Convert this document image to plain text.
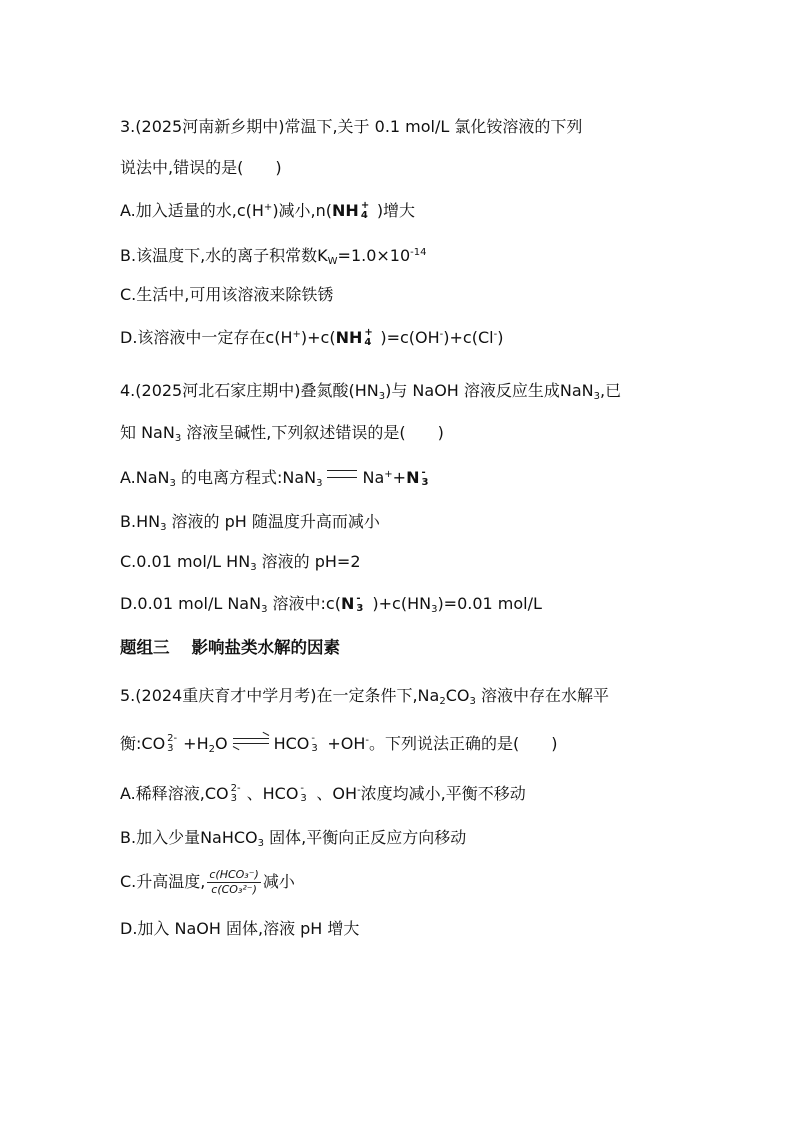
3.(2025河南新乡期中)常温下,关于 0.1 mol/L 氯化铵溶液的下列
说法中,错误的是(　　)
A.加入适量的水,c(H+)减小,n(NH +
4 )增大
B.该温度下,水的离子积常数$K_W=1.0\times 10^{-14}$
C.生活中,可用该溶液来除铁锈
D.该溶液中一定存在c(H+)+c(NH +
4 )=c(OH-)+c(Cl-)
4.(2025河北石家庄期中)叠氮酸$(HN_3)$与 NaOH 溶液反应生成NaN$_3$,已
知 NaN$_3$ 溶液呈碱性,下列叙述错误的是(　　)
A.NaN$_3$ 的电离方程式:NaN$_3$	Na++N -
3
$B.HN_3$ 溶液的 pH 随温度升高而减小
C.0.01 mol/L $HN_3$ 溶液的 pH=2
D.0.01 mol/L NaN$_3$ 溶液中:c(N -
3 )$+c(HN_3)=0.01$ mol/L
题组三 影响盐类水解的因素
5.(2024重庆育才中学月考)在一定条件下$,Na_2CO_3$ 溶液中存在水解平
衡:CO 2-
$3 +H_2O$	HCO -
3 +OH-。下列说法正确的是(　　)
A.稀释溶液,CO 2-
3 、HCO -
3 、OH-浓度均减小,平衡不移动
B.加入少量NaHCO$_3$ 固体,平衡向正反应方向移动
C.升高温度, $\frac{\text{c(HCO₃⁻)}}{\text{c(CO₃²⁻)}}$ 减小
D.加入 NaOH 固体,溶液 pH 增大
